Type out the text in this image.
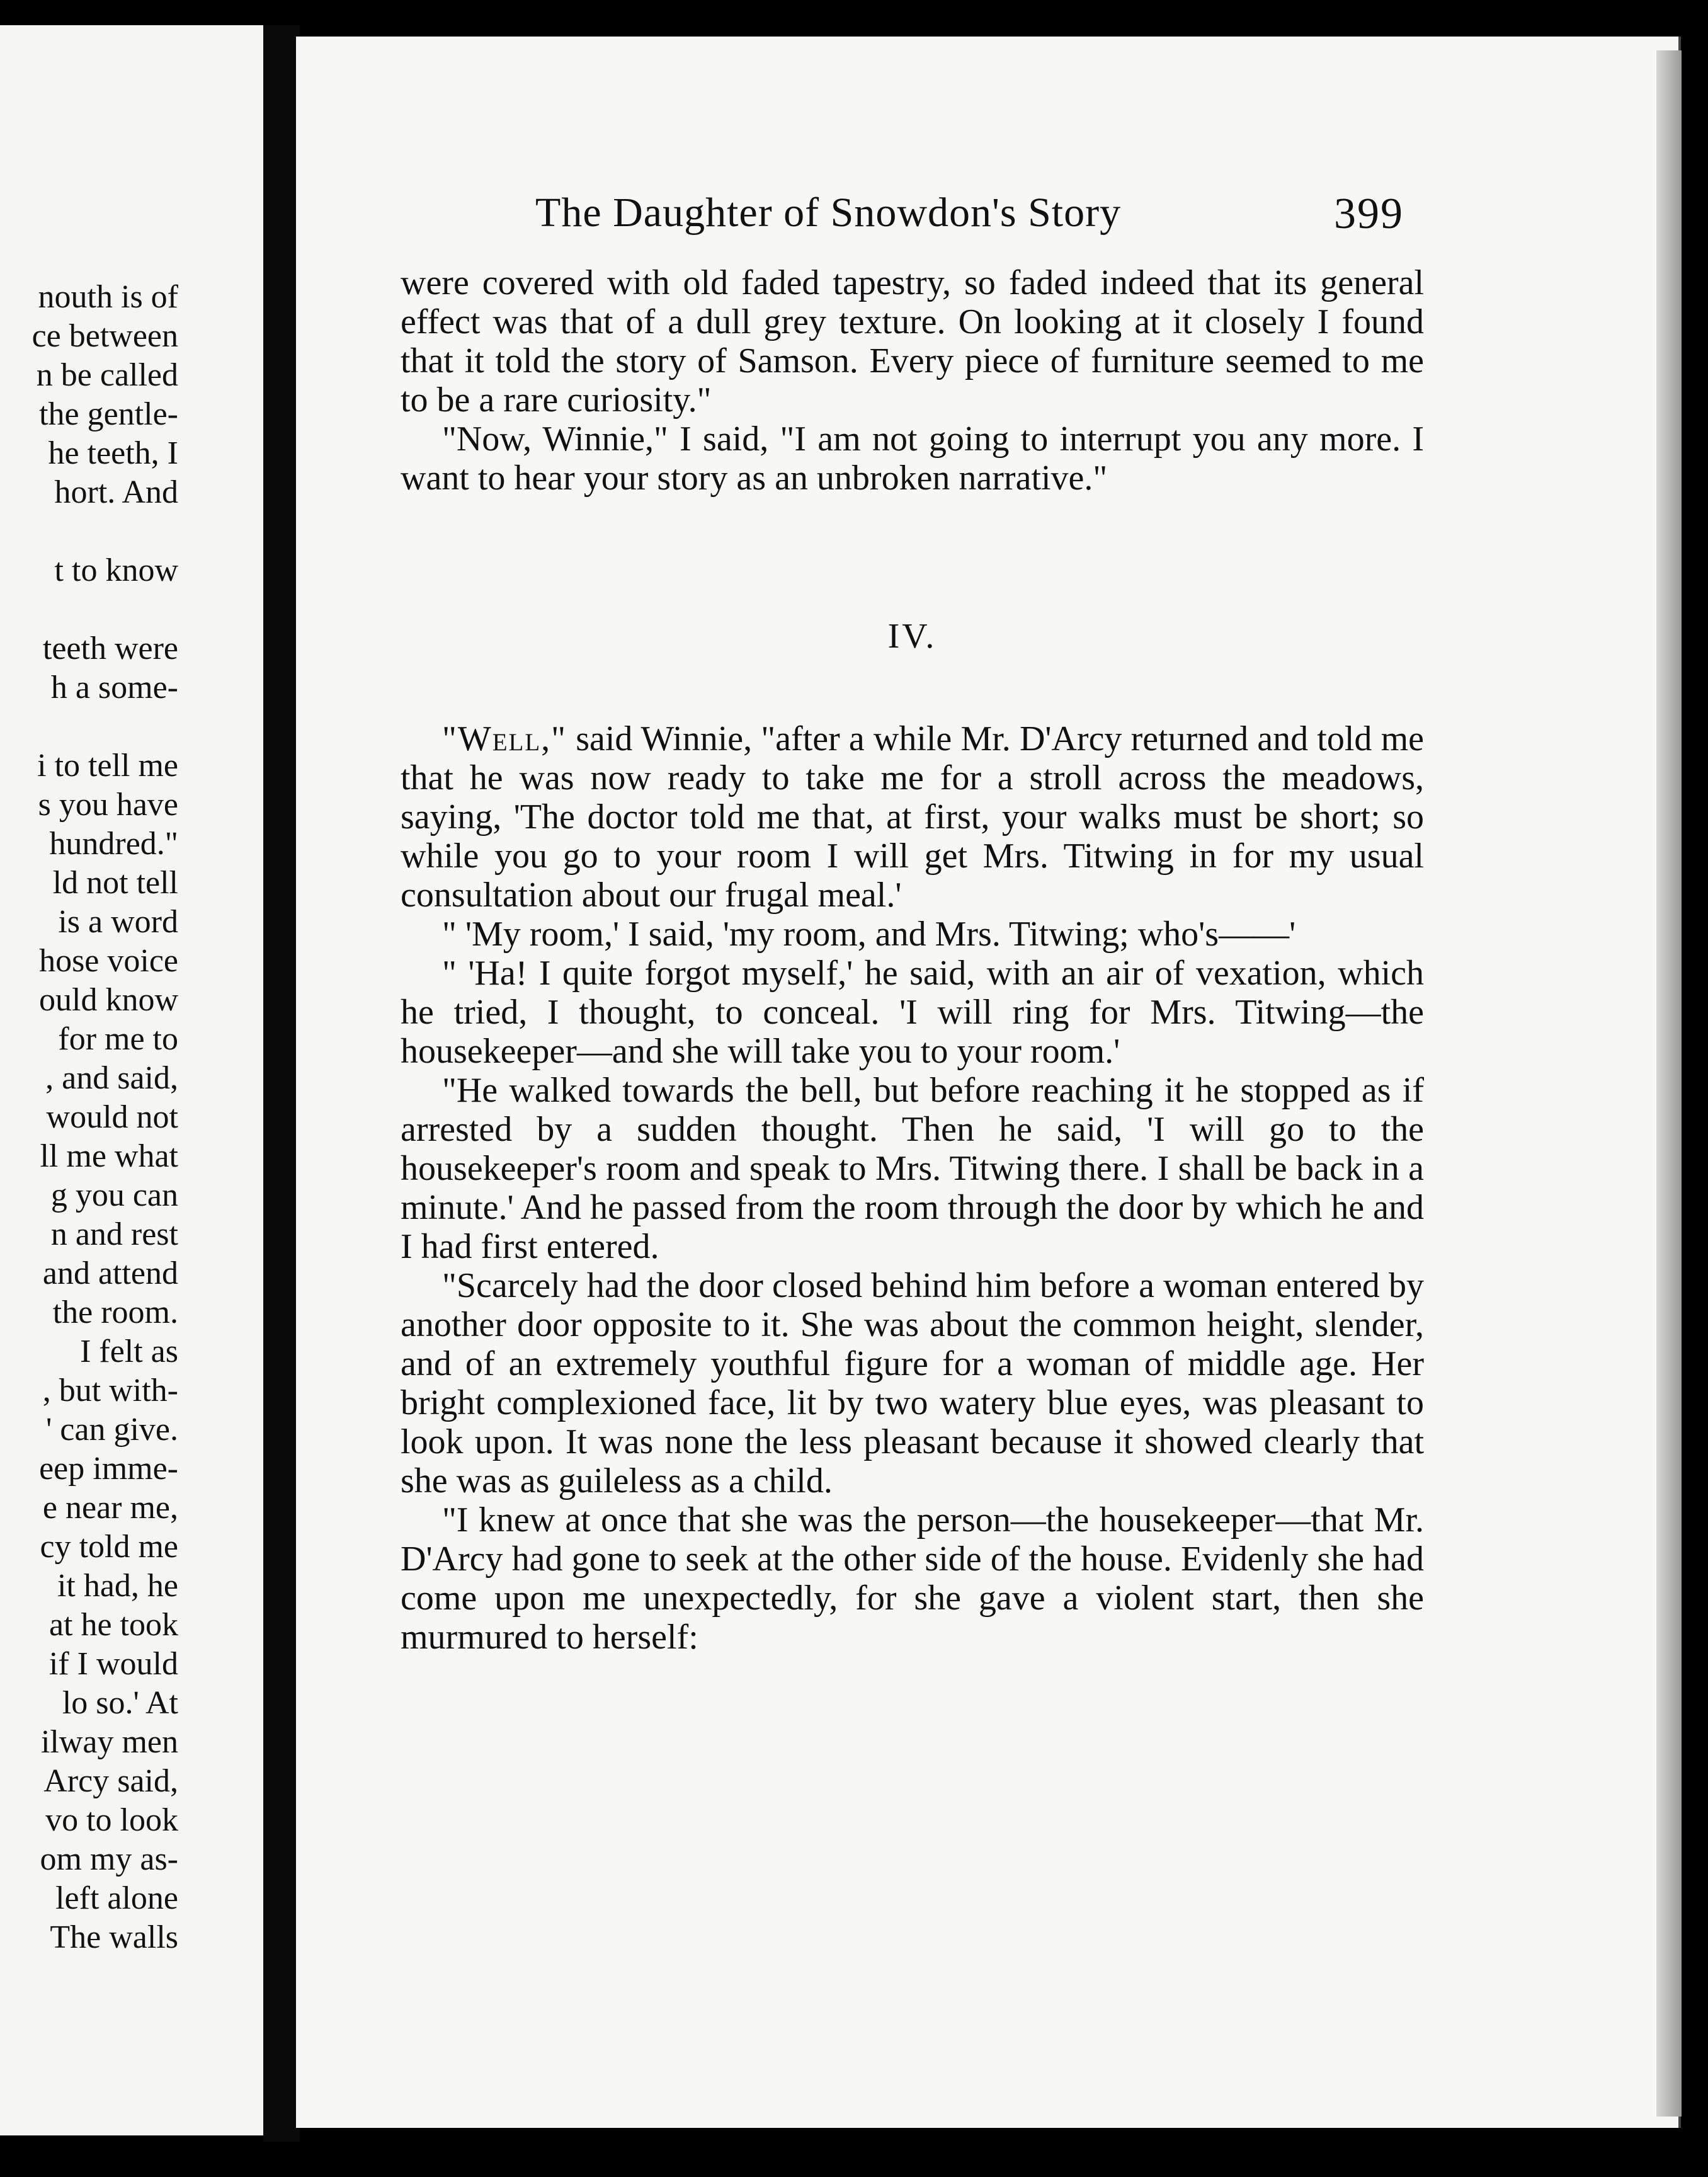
nouth is of
ce between
n be called
the gentle-
he teeth, I
hort. And
t to know
teeth were
h a some-
i to tell me
s you have
hundred."
ld not tell
is a word
hose voice
ould know
for me to
, and said,
would not
ll me what
g you can
n and rest
and attend
the room.
I felt as
, but with-
' can give.
eep imme-
e near me,
cy told me
it had, he
at he took
if I would
lo so.' At
ilway men
Arcy said,
vo to look
om my as-
left alone
The walls
The Daughter of Snowdon's Story	399

were covered with old faded tapestry, so faded indeed that its general effect was that of a dull grey texture. On looking at it closely I found that it told the story of Samson. Every piece of furniture seemed to me to be a rare curiosity."

"Now, Winnie," I said, "I am not going to interrupt you any more. I want to hear your story as an unbroken narrative."

IV.

"Well," said Winnie, "after a while Mr. D'Arcy returned and told me that he was now ready to take me for a stroll across the meadows, saying, 'The doctor told me that, at first, your walks must be short; so while you go to your room I will get Mrs. Titwing in for my usual consultation about our frugal meal.'

" 'My room,' I said, 'my room, and Mrs. Titwing; who's——'

" 'Ha! I quite forgot myself,' he said, with an air of vexation, which he tried, I thought, to conceal. 'I will ring for Mrs. Titwing—the housekeeper—and she will take you to your room.'

"He walked towards the bell, but before reaching it he stopped as if arrested by a sudden thought. Then he said, 'I will go to the housekeeper's room and speak to Mrs. Titwing there. I shall be back in a minute.' And he passed from the room through the door by which he and I had first entered.

"Scarcely had the door closed behind him before a woman entered by another door opposite to it. She was about the common height, slender, and of an extremely youthful figure for a woman of middle age. Her bright complexioned face, lit by two watery blue eyes, was pleasant to look upon. It was none the less pleasant because it showed clearly that she was as guileless as a child.

"I knew at once that she was the person—the housekeeper—that Mr. D'Arcy had gone to seek at the other side of the house. Evidenly she had come upon me unexpectedly, for she gave a violent start, then she murmured to herself:
